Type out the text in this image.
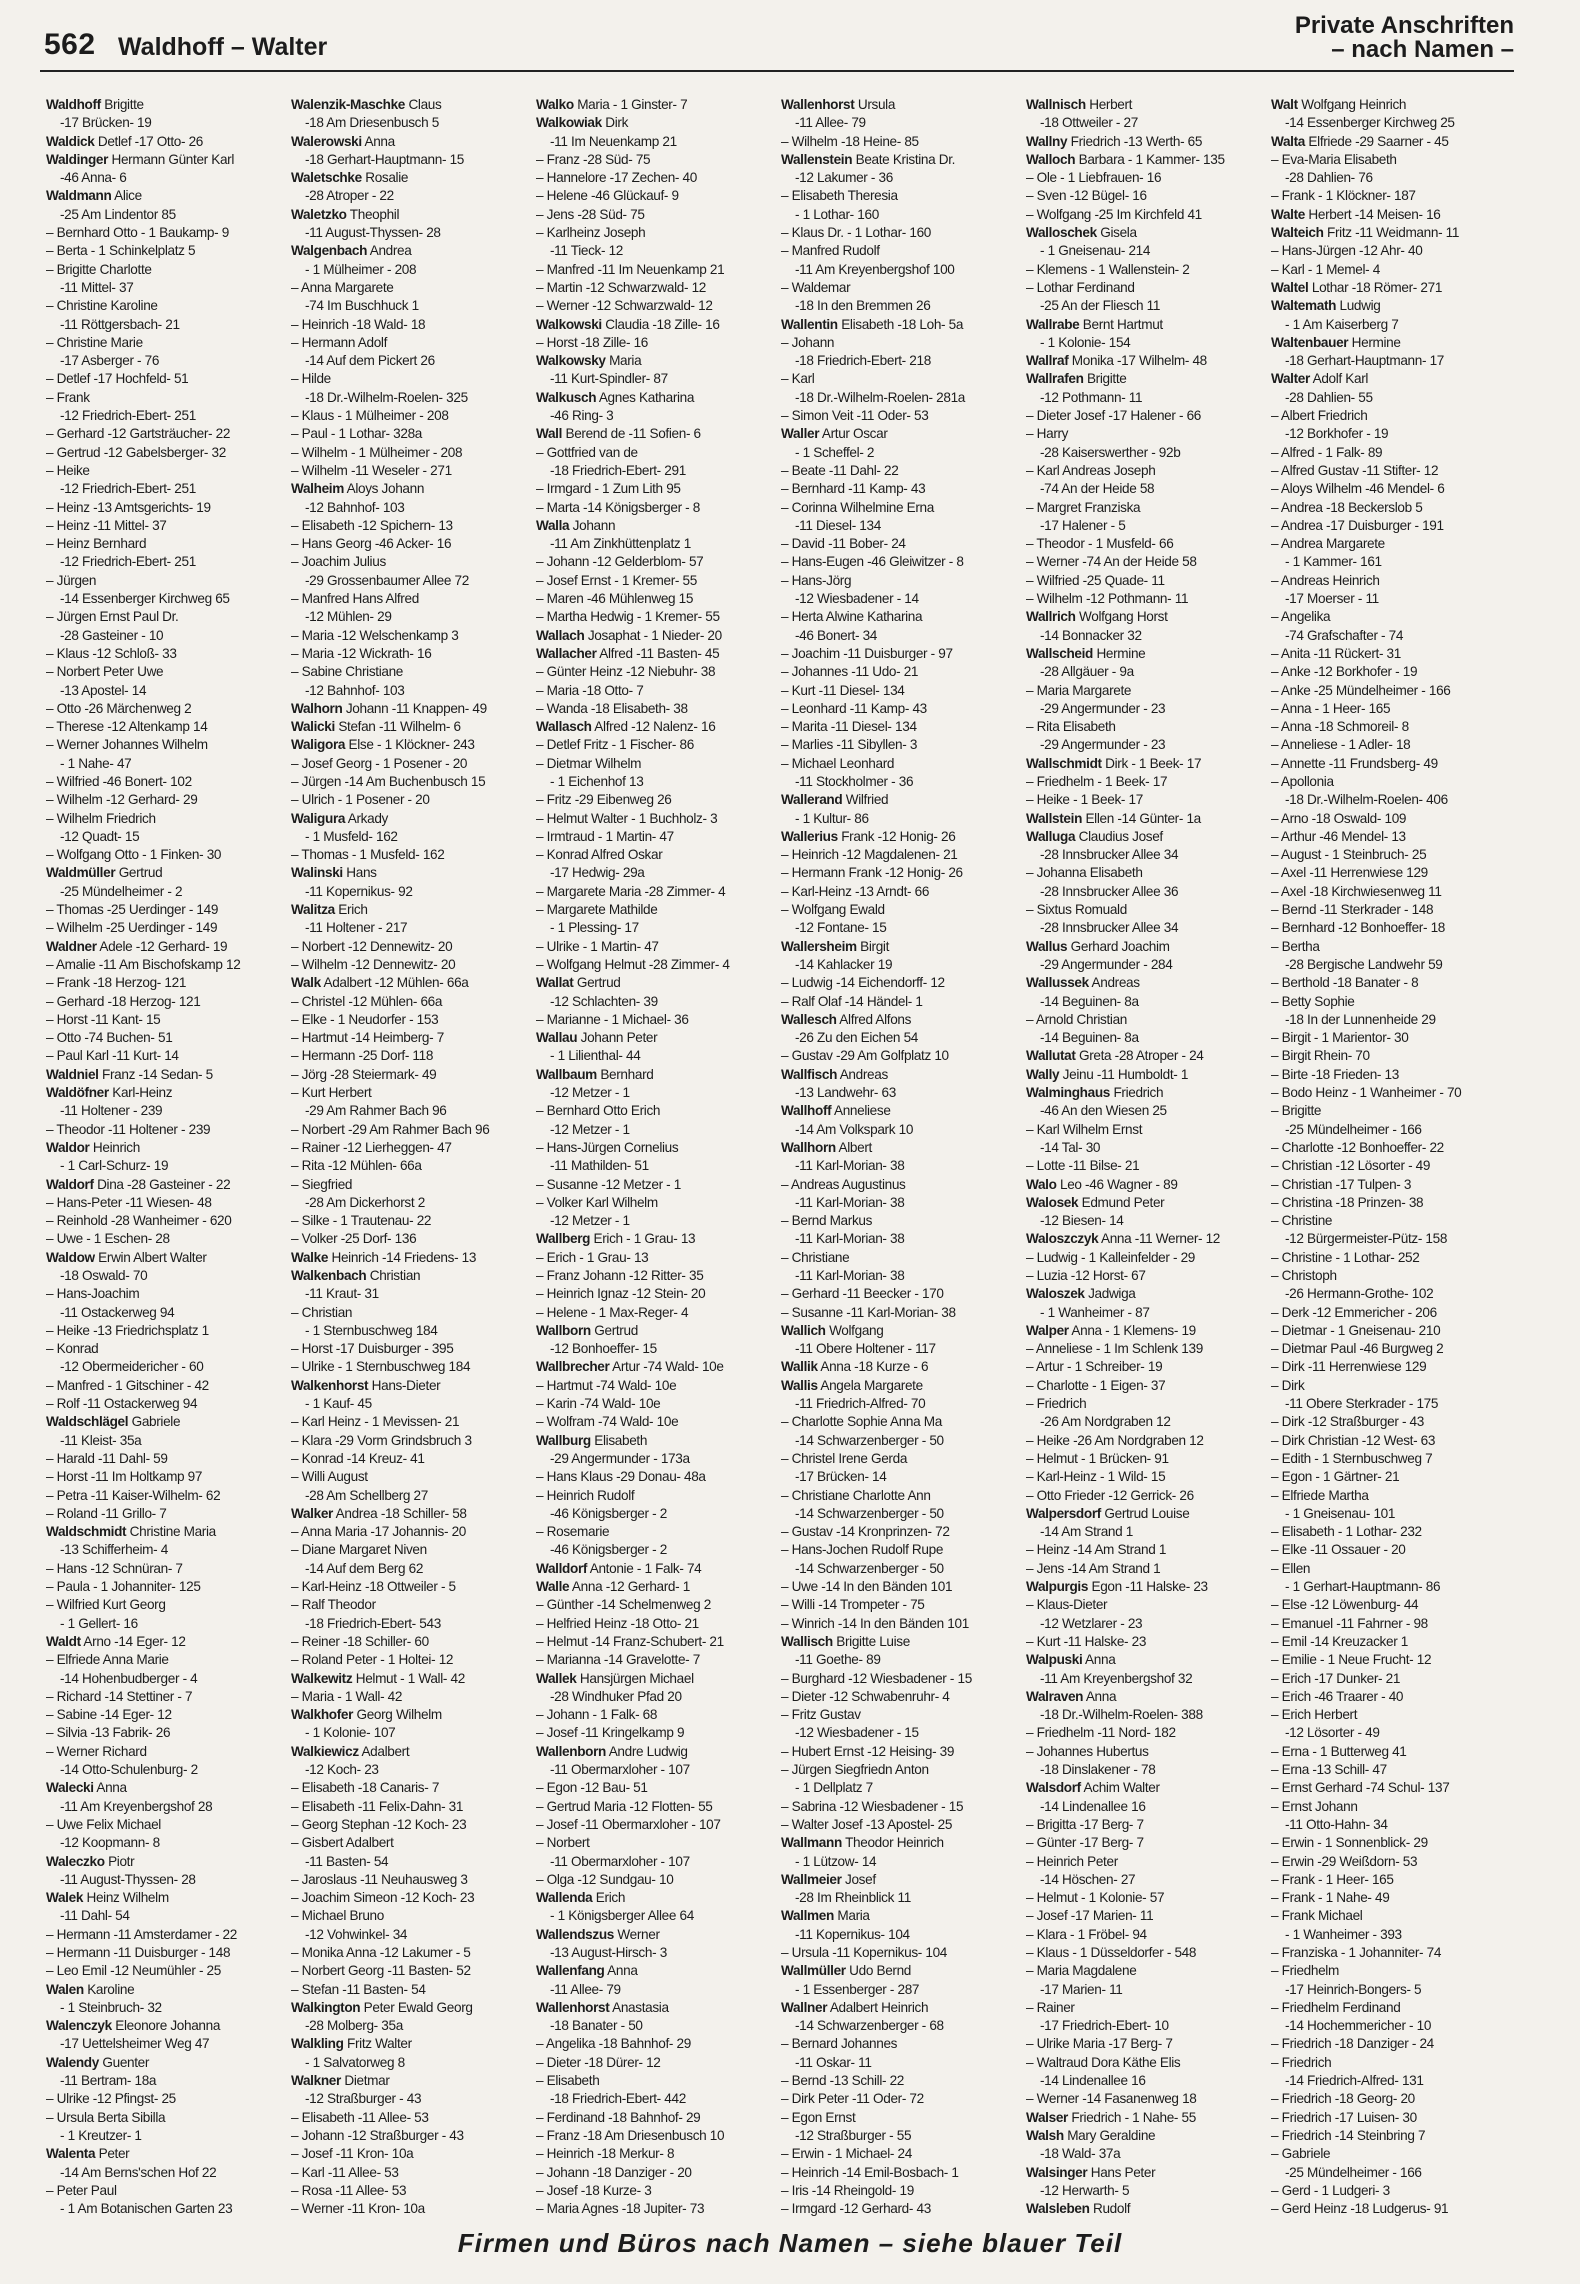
562 Waldhoff – Walter
Private Anschriften
– nach Namen –
Waldhoff Brigitte
-17 Brücken- 19
Waldick Detlef -17 Otto- 26
Waldinger Hermann Günter Karl
-46 Anna- 6
Waldmann Alice
-25 Am Lindentor 85
– Bernhard Otto - 1 Baukamp- 9
– Berta - 1 Schinkelplatz 5
– Brigitte Charlotte
-11 Mittel- 37
– Christine Karoline
-11 Röttgersbach- 21
– Christine Marie
-17 Asberger - 76
– Detlef -17 Hochfeld- 51
– Frank
-12 Friedrich-Ebert- 251
– Gerhard -12 Gartsträucher- 22
– Gertrud -12 Gabelsberger- 32
– Heike
-12 Friedrich-Ebert- 251
– Heinz -13 Amtsgerichts- 19
– Heinz -11 Mittel- 37
– Heinz Bernhard
-12 Friedrich-Ebert- 251
– Jürgen
-14 Essenberger Kirchweg 65
– Jürgen Ernst Paul Dr.
-28 Gasteiner - 10
– Klaus -12 Schloß- 33
– Norbert Peter Uwe
-13 Apostel- 14
– Otto -26 Märchenweg 2
– Therese -12 Altenkamp 14
– Werner Johannes Wilhelm
- 1 Nahe- 47
– Wilfried -46 Bonert- 102
– Wilhelm -12 Gerhard- 29
– Wilhelm Friedrich
-12 Quadt- 15
– Wolfgang Otto - 1 Finken- 30
Waldmüller Gertrud
-25 Mündelheimer - 2
– Thomas -25 Uerdinger - 149
– Wilhelm -25 Uerdinger - 149
Waldner Adele -12 Gerhard- 19
– Amalie -11 Am Bischofskamp 12
– Frank -18 Herzog- 121
– Gerhard -18 Herzog- 121
– Horst -11 Kant- 15
– Otto -74 Buchen- 51
– Paul Karl -11 Kurt- 14
Waldniel Franz -14 Sedan- 5
Waldöfner Karl-Heinz
-11 Holtener - 239
– Theodor -11 Holtener - 239
Waldor Heinrich
- 1 Carl-Schurz- 19
Waldorf Dina -28 Gasteiner - 22
– Hans-Peter -11 Wiesen- 48
– Reinhold -28 Wanheimer - 620
– Uwe - 1 Eschen- 28
Waldow Erwin Albert Walter
-18 Oswald- 70
– Hans-Joachim
-11 Ostackerweg 94
– Heike -13 Friedrichsplatz 1
– Konrad
-12 Obermeidericher - 60
– Manfred - 1 Gitschiner - 42
– Rolf -11 Ostackerweg 94
Waldschlägel Gabriele
-11 Kleist- 35a
– Harald -11 Dahl- 59
– Horst -11 Im Holtkamp 97
– Petra -11 Kaiser-Wilhelm- 62
– Roland -11 Grillo- 7
Waldschmidt Christine Maria
-13 Schifferheim- 4
– Hans -12 Schnüran- 7
– Paula - 1 Johanniter- 125
– Wilfried Kurt Georg
- 1 Gellert- 16
Waldt Arno -14 Eger- 12
– Elfriede Anna Marie
-14 Hohenbudberger - 4
– Richard -14 Stettiner - 7
– Sabine -14 Eger- 12
– Silvia -13 Fabrik- 26
– Werner Richard
-14 Otto-Schulenburg- 2
Walecki Anna
-11 Am Kreyenbergshof 28
– Uwe Felix Michael
-12 Koopmann- 8
Waleczko Piotr
-11 August-Thyssen- 28
Walek Heinz Wilhelm
-11 Dahl- 54
– Hermann -11 Amsterdamer - 22
– Hermann -11 Duisburger - 148
– Leo Emil -12 Neumühler - 25
Walen Karoline
- 1 Steinbruch- 32
Walenczyk Eleonore Johanna
-17 Uettelsheimer Weg 47
Walendy Guenter
-11 Bertram- 18a
– Ulrike -12 Pfingst- 25
– Ursula Berta Sibilla
- 1 Kreutzer- 1
Walenta Peter
-14 Am Berns'schen Hof 22
– Peter Paul
- 1 Am Botanischen Garten 23
Walenzik-Maschke Claus
-18 Am Driesenbusch 5
Walerowski Anna
-18 Gerhart-Hauptmann- 15
Waletschke Rosalie
-28 Atroper - 22
Waletzko Theophil
-11 August-Thyssen- 28
Walgenbach Andrea
- 1 Mülheimer - 208
– Anna Margarete
-74 Im Buschhuck 1
– Heinrich -18 Wald- 18
– Hermann Adolf
-14 Auf dem Pickert 26
– Hilde
-18 Dr.-Wilhelm-Roelen- 325
– Klaus - 1 Mülheimer - 208
– Paul - 1 Lothar- 328a
– Wilhelm - 1 Mülheimer - 208
– Wilhelm -11 Weseler - 271
Walheim Aloys Johann
-12 Bahnhof- 103
– Elisabeth -12 Spichern- 13
– Hans Georg -46 Acker- 16
– Joachim Julius
-29 Grossenbaumer Allee 72
– Manfred Hans Alfred
-12 Mühlen- 29
– Maria -12 Welschenkamp 3
– Maria -12 Wickrath- 16
– Sabine Christiane
-12 Bahnhof- 103
Walhorn Johann -11 Knappen- 49
Walicki Stefan -11 Wilhelm- 6
Waligora Else - 1 Klöckner- 243
– Josef Georg - 1 Posener - 20
– Jürgen -14 Am Buchenbusch 15
– Ulrich - 1 Posener - 20
Waligura Arkady
- 1 Musfeld- 162
– Thomas - 1 Musfeld- 162
Walinski Hans
-11 Kopernikus- 92
Walitza Erich
-11 Holtener - 217
– Norbert -12 Dennewitz- 20
– Wilhelm -12 Dennewitz- 20
Walk Adalbert -12 Mühlen- 66a
– Christel -12 Mühlen- 66a
– Elke - 1 Neudorfer - 153
– Hartmut -14 Heimberg- 7
– Hermann -25 Dorf- 118
– Jörg -28 Steiermark- 49
– Kurt Herbert
-29 Am Rahmer Bach 96
– Norbert -29 Am Rahmer Bach 96
– Rainer -12 Lierheggen- 47
– Rita -12 Mühlen- 66a
– Siegfried
-28 Am Dickerhorst 2
– Silke - 1 Trautenau- 22
– Volker -25 Dorf- 136
Walke Heinrich -14 Friedens- 13
Walkenbach Christian
-11 Kraut- 31
– Christian
- 1 Sternbuschweg 184
– Horst -17 Duisburger - 395
– Ulrike - 1 Sternbuschweg 184
Walkenhorst Hans-Dieter
- 1 Kauf- 45
– Karl Heinz - 1 Mevissen- 21
– Klara -29 Vorm Grindsbruch 3
– Konrad -14 Kreuz- 41
– Willi August
-28 Am Schellberg 27
Walker Andrea -18 Schiller- 58
– Anna Maria -17 Johannis- 20
– Diane Margaret Niven
-14 Auf dem Berg 62
– Karl-Heinz -18 Ottweiler - 5
– Ralf Theodor
-18 Friedrich-Ebert- 543
– Reiner -18 Schiller- 60
– Roland Peter - 1 Holtei- 12
Walkewitz Helmut - 1 Wall- 42
– Maria - 1 Wall- 42
Walkhofer Georg Wilhelm
- 1 Kolonie- 107
Walkiewicz Adalbert
-12 Koch- 23
– Elisabeth -18 Canaris- 7
– Elisabeth -11 Felix-Dahn- 31
– Georg Stephan -12 Koch- 23
– Gisbert Adalbert
-11 Basten- 54
– Jaroslaus -11 Neuhausweg 3
– Joachim Simeon -12 Koch- 23
– Michael Bruno
-12 Vohwinkel- 34
– Monika Anna -12 Lakumer - 5
– Norbert Georg -11 Basten- 52
– Stefan -11 Basten- 54
Walkington Peter Ewald Georg
-28 Molberg- 35a
Walkling Fritz Walter
- 1 Salvatorweg 8
Walkner Dietmar
-12 Straßburger - 43
– Elisabeth -11 Allee- 53
– Johann -12 Straßburger - 43
– Josef -11 Kron- 10a
– Karl -11 Allee- 53
– Rosa -11 Allee- 53
– Werner -11 Kron- 10a
Walko Maria - 1 Ginster- 7
Walkowiak Dirk
-11 Im Neuenkamp 21
– Franz -28 Süd- 75
– Hannelore -17 Zechen- 40
– Helene -46 Glückauf- 9
– Jens -28 Süd- 75
– Karlheinz Joseph
-11 Tieck- 12
– Manfred -11 Im Neuenkamp 21
– Martin -12 Schwarzwald- 12
– Werner -12 Schwarzwald- 12
Walkowski Claudia -18 Zille- 16
– Horst -18 Zille- 16
Walkowsky Maria
-11 Kurt-Spindler- 87
Walkusch Agnes Katharina
-46 Ring- 3
Wall Berend de -11 Sofien- 6
– Gottfried van de
-18 Friedrich-Ebert- 291
– Irmgard - 1 Zum Lith 95
– Marta -14 Königsberger - 8
Walla Johann
-11 Am Zinkhüttenplatz 1
– Johann -12 Gelderblom- 57
– Josef Ernst - 1 Kremer- 55
– Maren -46 Mühlenweg 15
– Martha Hedwig - 1 Kremer- 55
Wallach Josaphat - 1 Nieder- 20
Wallacher Alfred -11 Basten- 45
– Günter Heinz -12 Niebuhr- 38
– Maria -18 Otto- 7
– Wanda -18 Elisabeth- 38
Wallasch Alfred -12 Nalenz- 16
– Detlef Fritz - 1 Fischer- 86
– Dietmar Wilhelm
- 1 Eichenhof 13
– Fritz -29 Eibenweg 26
– Helmut Walter - 1 Buchholz- 3
– Irmtraud - 1 Martin- 47
– Konrad Alfred Oskar
-17 Hedwig- 29a
– Margarete Maria -28 Zimmer- 4
– Margarete Mathilde
- 1 Plessing- 17
– Ulrike - 1 Martin- 47
– Wolfgang Helmut -28 Zimmer- 4
Wallat Gertrud
-12 Schlachten- 39
– Marianne - 1 Michael- 36
Wallau Johann Peter
- 1 Lilienthal- 44
Wallbaum Bernhard
-12 Metzer - 1
– Bernhard Otto Erich
-12 Metzer - 1
– Hans-Jürgen Cornelius
-11 Mathilden- 51
– Susanne -12 Metzer - 1
– Volker Karl Wilhelm
-12 Metzer - 1
Wallberg Erich - 1 Grau- 13
– Erich - 1 Grau- 13
– Franz Johann -12 Ritter- 35
– Heinrich Ignaz -12 Stein- 20
– Helene - 1 Max-Reger- 4
Wallborn Gertrud
-12 Bonhoeffer- 15
Wallbrecher Artur -74 Wald- 10e
– Hartmut -74 Wald- 10e
– Karin -74 Wald- 10e
– Wolfram -74 Wald- 10e
Wallburg Elisabeth
-29 Angermunder - 173a
– Hans Klaus -29 Donau- 48a
– Heinrich Rudolf
-46 Königsberger - 2
– Rosemarie
-46 Königsberger - 2
Walldorf Antonie - 1 Falk- 74
Walle Anna -12 Gerhard- 1
– Günther -14 Schelmenweg 2
– Helfried Heinz -18 Otto- 21
– Helmut -14 Franz-Schubert- 21
– Marianna -14 Gravelotte- 7
Wallek Hansjürgen Michael
-28 Windhuker Pfad 20
– Johann - 1 Falk- 68
– Josef -11 Kringelkamp 9
Wallenborn Andre Ludwig
-11 Obermarxloher - 107
– Egon -12 Bau- 51
– Gertrud Maria -12 Flotten- 55
– Josef -11 Obermarxloher - 107
– Norbert
-11 Obermarxloher - 107
– Olga -12 Sundgau- 10
Wallenda Erich
- 1 Königsberger Allee 64
Wallendszus Werner
-13 August-Hirsch- 3
Wallenfang Anna
-11 Allee- 79
Wallenhorst Anastasia
-18 Banater - 50
– Angelika -18 Bahnhof- 29
– Dieter -18 Dürer- 12
– Elisabeth
-18 Friedrich-Ebert- 442
– Ferdinand -18 Bahnhof- 29
– Franz -18 Am Driesenbusch 10
– Heinrich -18 Merkur- 8
– Johann -18 Danziger - 20
– Josef -18 Kurze- 3
– Maria Agnes -18 Jupiter- 73
Wallenhorst Ursula
-11 Allee- 79
– Wilhelm -18 Heine- 85
Wallenstein Beate Kristina Dr.
-12 Lakumer - 36
– Elisabeth Theresia
- 1 Lothar- 160
– Klaus Dr. - 1 Lothar- 160
– Manfred Rudolf
-11 Am Kreyenbergshof 100
– Waldemar
-18 In den Bremmen 26
Wallentin Elisabeth -18 Loh- 5a
– Johann
-18 Friedrich-Ebert- 218
– Karl
-18 Dr.-Wilhelm-Roelen- 281a
– Simon Veit -11 Oder- 53
Waller Artur Oscar
- 1 Scheffel- 2
– Beate -11 Dahl- 22
– Bernhard -11 Kamp- 43
– Corinna Wilhelmine Erna
-11 Diesel- 134
– David -11 Bober- 24
– Hans-Eugen -46 Gleiwitzer - 8
– Hans-Jörg
-12 Wiesbadener - 14
– Herta Alwine Katharina
-46 Bonert- 34
– Joachim -11 Duisburger - 97
– Johannes -11 Udo- 21
– Kurt -11 Diesel- 134
– Leonhard -11 Kamp- 43
– Marita -11 Diesel- 134
– Marlies -11 Sibyllen- 3
– Michael Leonhard
-11 Stockholmer - 36
Wallerand Wilfried
- 1 Kultur- 86
Wallerius Frank -12 Honig- 26
– Heinrich -12 Magdalenen- 21
– Hermann Frank -12 Honig- 26
– Karl-Heinz -13 Arndt- 66
– Wolfgang Ewald
-12 Fontane- 15
Wallersheim Birgit
-14 Kahlacker 19
– Ludwig -14 Eichendorff- 12
– Ralf Olaf -14 Händel- 1
Wallesch Alfred Alfons
-26 Zu den Eichen 54
– Gustav -29 Am Golfplatz 10
Wallfisch Andreas
-13 Landwehr- 63
Wallhoff Anneliese
-14 Am Volkspark 10
Wallhorn Albert
-11 Karl-Morian- 38
– Andreas Augustinus
-11 Karl-Morian- 38
– Bernd Markus
-11 Karl-Morian- 38
– Christiane
-11 Karl-Morian- 38
– Gerhard -11 Beecker - 170
– Susanne -11 Karl-Morian- 38
Wallich Wolfgang
-11 Obere Holtener - 117
Wallik Anna -18 Kurze - 6
Wallis Angela Margarete
-11 Friedrich-Alfred- 70
– Charlotte Sophie Anna Ma
-14 Schwarzenberger - 50
– Christel Irene Gerda
-17 Brücken- 14
– Christiane Charlotte Ann
-14 Schwarzenberger - 50
– Gustav -14 Kronprinzen- 72
– Hans-Jochen Rudolf Rupe
-14 Schwarzenberger - 50
– Uwe -14 In den Bänden 101
– Willi -14 Trompeter - 75
– Winrich -14 In den Bänden 101
Wallisch Brigitte Luise
-11 Goethe- 89
– Burghard -12 Wiesbadener - 15
– Dieter -12 Schwabenruhr- 4
– Fritz Gustav
-12 Wiesbadener - 15
– Hubert Ernst -12 Heising- 39
– Jürgen Siegfriedn Anton
- 1 Dellplatz 7
– Sabrina -12 Wiesbadener - 15
– Walter Josef -13 Apostel- 25
Wallmann Theodor Heinrich
- 1 Lützow- 14
Wallmeier Josef
-28 Im Rheinblick 11
Wallmen Maria
-11 Kopernikus- 104
– Ursula -11 Kopernikus- 104
Wallmüller Udo Bernd
- 1 Essenberger - 287
Wallner Adalbert Heinrich
-14 Schwarzenberger - 68
– Bernard Johannes
-11 Oskar- 11
– Bernd -13 Schill- 22
– Dirk Peter -11 Oder- 72
– Egon Ernst
-12 Straßburger - 55
– Erwin - 1 Michael- 24
– Heinrich -14 Emil-Bosbach- 1
– Iris -14 Rheingold- 19
– Irmgard -12 Gerhard- 43
Wallnisch Herbert
-18 Ottweiler - 27
Wallny Friedrich -13 Werth- 65
Walloch Barbara - 1 Kammer- 135
– Ole - 1 Liebfrauen- 16
– Sven -12 Bügel- 16
– Wolfgang -25 Im Kirchfeld 41
Walloschek Gisela
- 1 Gneisenau- 214
– Klemens - 1 Wallenstein- 2
– Lothar Ferdinand
-25 An der Fliesch 11
Wallrabe Bernt Hartmut
- 1 Kolonie- 154
Wallraf Monika -17 Wilhelm- 48
Wallrafen Brigitte
-12 Pothmann- 11
– Dieter Josef -17 Halener - 66
– Harry
-28 Kaiserswerther - 92b
– Karl Andreas Joseph
-74 An der Heide 58
– Margret Franziska
-17 Halener - 5
– Theodor - 1 Musfeld- 66
– Werner -74 An der Heide 58
– Wilfried -25 Quade- 11
– Wilhelm -12 Pothmann- 11
Wallrich Wolfgang Horst
-14 Bonnacker 32
Wallscheid Hermine
-28 Allgäuer - 9a
– Maria Margarete
-29 Angermunder - 23
– Rita Elisabeth
-29 Angermunder - 23
Wallschmidt Dirk - 1 Beek- 17
– Friedhelm - 1 Beek- 17
– Heike - 1 Beek- 17
Wallstein Ellen -14 Günter- 1a
Walluga Claudius Josef
-28 Innsbrucker Allee 34
– Johanna Elisabeth
-28 Innsbrucker Allee 36
– Sixtus Romuald
-28 Innsbrucker Allee 34
Wallus Gerhard Joachim
-29 Angermunder - 284
Wallussek Andreas
-14 Beguinen- 8a
– Arnold Christian
-14 Beguinen- 8a
Wallutat Greta -28 Atroper - 24
Wally Jeinu -11 Humboldt- 1
Walminghaus Friedrich
-46 An den Wiesen 25
– Karl Wilhelm Ernst
-14 Tal- 30
– Lotte -11 Bilse- 21
Walo Leo -46 Wagner - 89
Walosek Edmund Peter
-12 Biesen- 14
Waloszczyk Anna -11 Werner- 12
– Ludwig - 1 Kalleinfelder - 29
– Luzia -12 Horst- 67
Waloszek Jadwiga
- 1 Wanheimer - 87
Walper Anna - 1 Klemens- 19
– Anneliese - 1 Im Schlenk 139
– Artur - 1 Schreiber- 19
– Charlotte - 1 Eigen- 37
– Friedrich
-26 Am Nordgraben 12
– Heike -26 Am Nordgraben 12
– Helmut - 1 Brücken- 91
– Karl-Heinz - 1 Wild- 15
– Otto Frieder -12 Gerrick- 26
Walpersdorf Gertrud Louise
-14 Am Strand 1
– Heinz -14 Am Strand 1
– Jens -14 Am Strand 1
Walpurgis Egon -11 Halske- 23
– Klaus-Dieter
-12 Wetzlarer - 23
– Kurt -11 Halske- 23
Walpuski Anna
-11 Am Kreyenbergshof 32
Walraven Anna
-18 Dr.-Wilhelm-Roelen- 388
– Friedhelm -11 Nord- 182
– Johannes Hubertus
-18 Dinslakener - 78
Walsdorf Achim Walter
-14 Lindenallee 16
– Brigitta -17 Berg- 7
– Günter -17 Berg- 7
– Heinrich Peter
-14 Höschen- 27
– Helmut - 1 Kolonie- 57
– Josef -17 Marien- 11
– Klara - 1 Fröbel- 94
– Klaus - 1 Düsseldorfer - 548
– Maria Magdalene
-17 Marien- 11
– Rainer
-17 Friedrich-Ebert- 10
– Ulrike Maria -17 Berg- 7
– Waltraud Dora Käthe Elis
-14 Lindenallee 16
– Werner -14 Fasanenweg 18
Walser Friedrich - 1 Nahe- 55
Walsh Mary Geraldine
-18 Wald- 37a
Walsinger Hans Peter
-12 Herwarth- 5
Walsleben Rudolf
Walt Wolfgang Heinrich
-14 Essenberger Kirchweg 25
Walta Elfriede -29 Saarner - 45
– Eva-Maria Elisabeth
-28 Dahlien- 76
– Frank - 1 Klöckner- 187
Walte Herbert -14 Meisen- 16
Walteich Fritz -11 Weidmann- 11
– Hans-Jürgen -12 Ahr- 40
– Karl - 1 Memel- 4
Waltel Lothar -18 Römer- 271
Waltemath Ludwig
- 1 Am Kaiserberg 7
Waltenbauer Hermine
-18 Gerhart-Hauptmann- 17
Walter Adolf Karl
-28 Dahlien- 55
– Albert Friedrich
-12 Borkhofer - 19
– Alfred - 1 Falk- 89
– Alfred Gustav -11 Stifter- 12
– Aloys Wilhelm -46 Mendel- 6
– Andrea -18 Beckerslob 5
– Andrea -17 Duisburger - 191
– Andrea Margarete
- 1 Kammer- 161
– Andreas Heinrich
-17 Moerser - 11
– Angelika
-74 Grafschafter - 74
– Anita -11 Rückert- 31
– Anke -12 Borkhofer - 19
– Anke -25 Mündelheimer - 166
– Anna - 1 Heer- 165
– Anna -18 Schmoreil- 8
– Anneliese - 1 Adler- 18
– Annette -11 Frundsberg- 49
– Apollonia
-18 Dr.-Wilhelm-Roelen- 406
– Arno -18 Oswald- 109
– Arthur -46 Mendel- 13
– August - 1 Steinbruch- 25
– Axel -11 Herrenwiese 129
– Axel -18 Kirchwiesenweg 11
– Bernd -11 Sterkrader - 148
– Bernhard -12 Bonhoeffer- 18
– Bertha
-28 Bergische Landwehr 59
– Berthold -18 Banater - 8
– Betty Sophie
-18 In der Lunnenheide 29
– Birgit - 1 Marientor- 30
– Birgit Rhein- 70
– Birte -18 Frieden- 13
– Bodo Heinz - 1 Wanheimer - 70
– Brigitte
-25 Mündelheimer - 166
– Charlotte -12 Bonhoeffer- 22
– Christian -12 Lösorter - 49
– Christian -17 Tulpen- 3
– Christina -18 Prinzen- 38
– Christine
-12 Bürgermeister-Pütz- 158
– Christine - 1 Lothar- 252
– Christoph
-26 Hermann-Grothe- 102
– Derk -12 Emmericher - 206
– Dietmar - 1 Gneisenau- 210
– Dietmar Paul -46 Burgweg 2
– Dirk -11 Herrenwiese 129
– Dirk
-11 Obere Sterkrader - 175
– Dirk -12 Straßburger - 43
– Dirk Christian -12 West- 63
– Edith - 1 Sternbuschweg 7
– Egon - 1 Gärtner- 21
– Elfriede Martha
- 1 Gneisenau- 101
– Elisabeth - 1 Lothar- 232
– Elke -11 Ossauer - 20
– Ellen
- 1 Gerhart-Hauptmann- 86
– Else -12 Löwenburg- 44
– Emanuel -11 Fahrner - 98
– Emil -14 Kreuzacker 1
– Emilie - 1 Neue Frucht- 12
– Erich -17 Dunker- 21
– Erich -46 Traarer - 40
– Erich Herbert
-12 Lösorter - 49
– Erna - 1 Butterweg 41
– Erna -13 Schill- 47
– Ernst Gerhard -74 Schul- 137
– Ernst Johann
-11 Otto-Hahn- 34
– Erwin - 1 Sonnenblick- 29
– Erwin -29 Weißdorn- 53
– Frank - 1 Heer- 165
– Frank - 1 Nahe- 49
– Frank Michael
- 1 Wanheimer - 393
– Franziska - 1 Johanniter- 74
– Friedhelm
-17 Heinrich-Bongers- 5
– Friedhelm Ferdinand
-14 Hochemmericher - 10
– Friedrich -18 Danziger - 24
– Friedrich
-14 Friedrich-Alfred- 131
– Friedrich -18 Georg- 20
– Friedrich -17 Luisen- 30
– Friedrich -14 Steinbring 7
– Gabriele
-25 Mündelheimer - 166
– Gerd - 1 Ludgeri- 3
– Gerd Heinz -18 Ludgerus- 91
Firmen und Büros nach Namen – siehe blauer Teil
